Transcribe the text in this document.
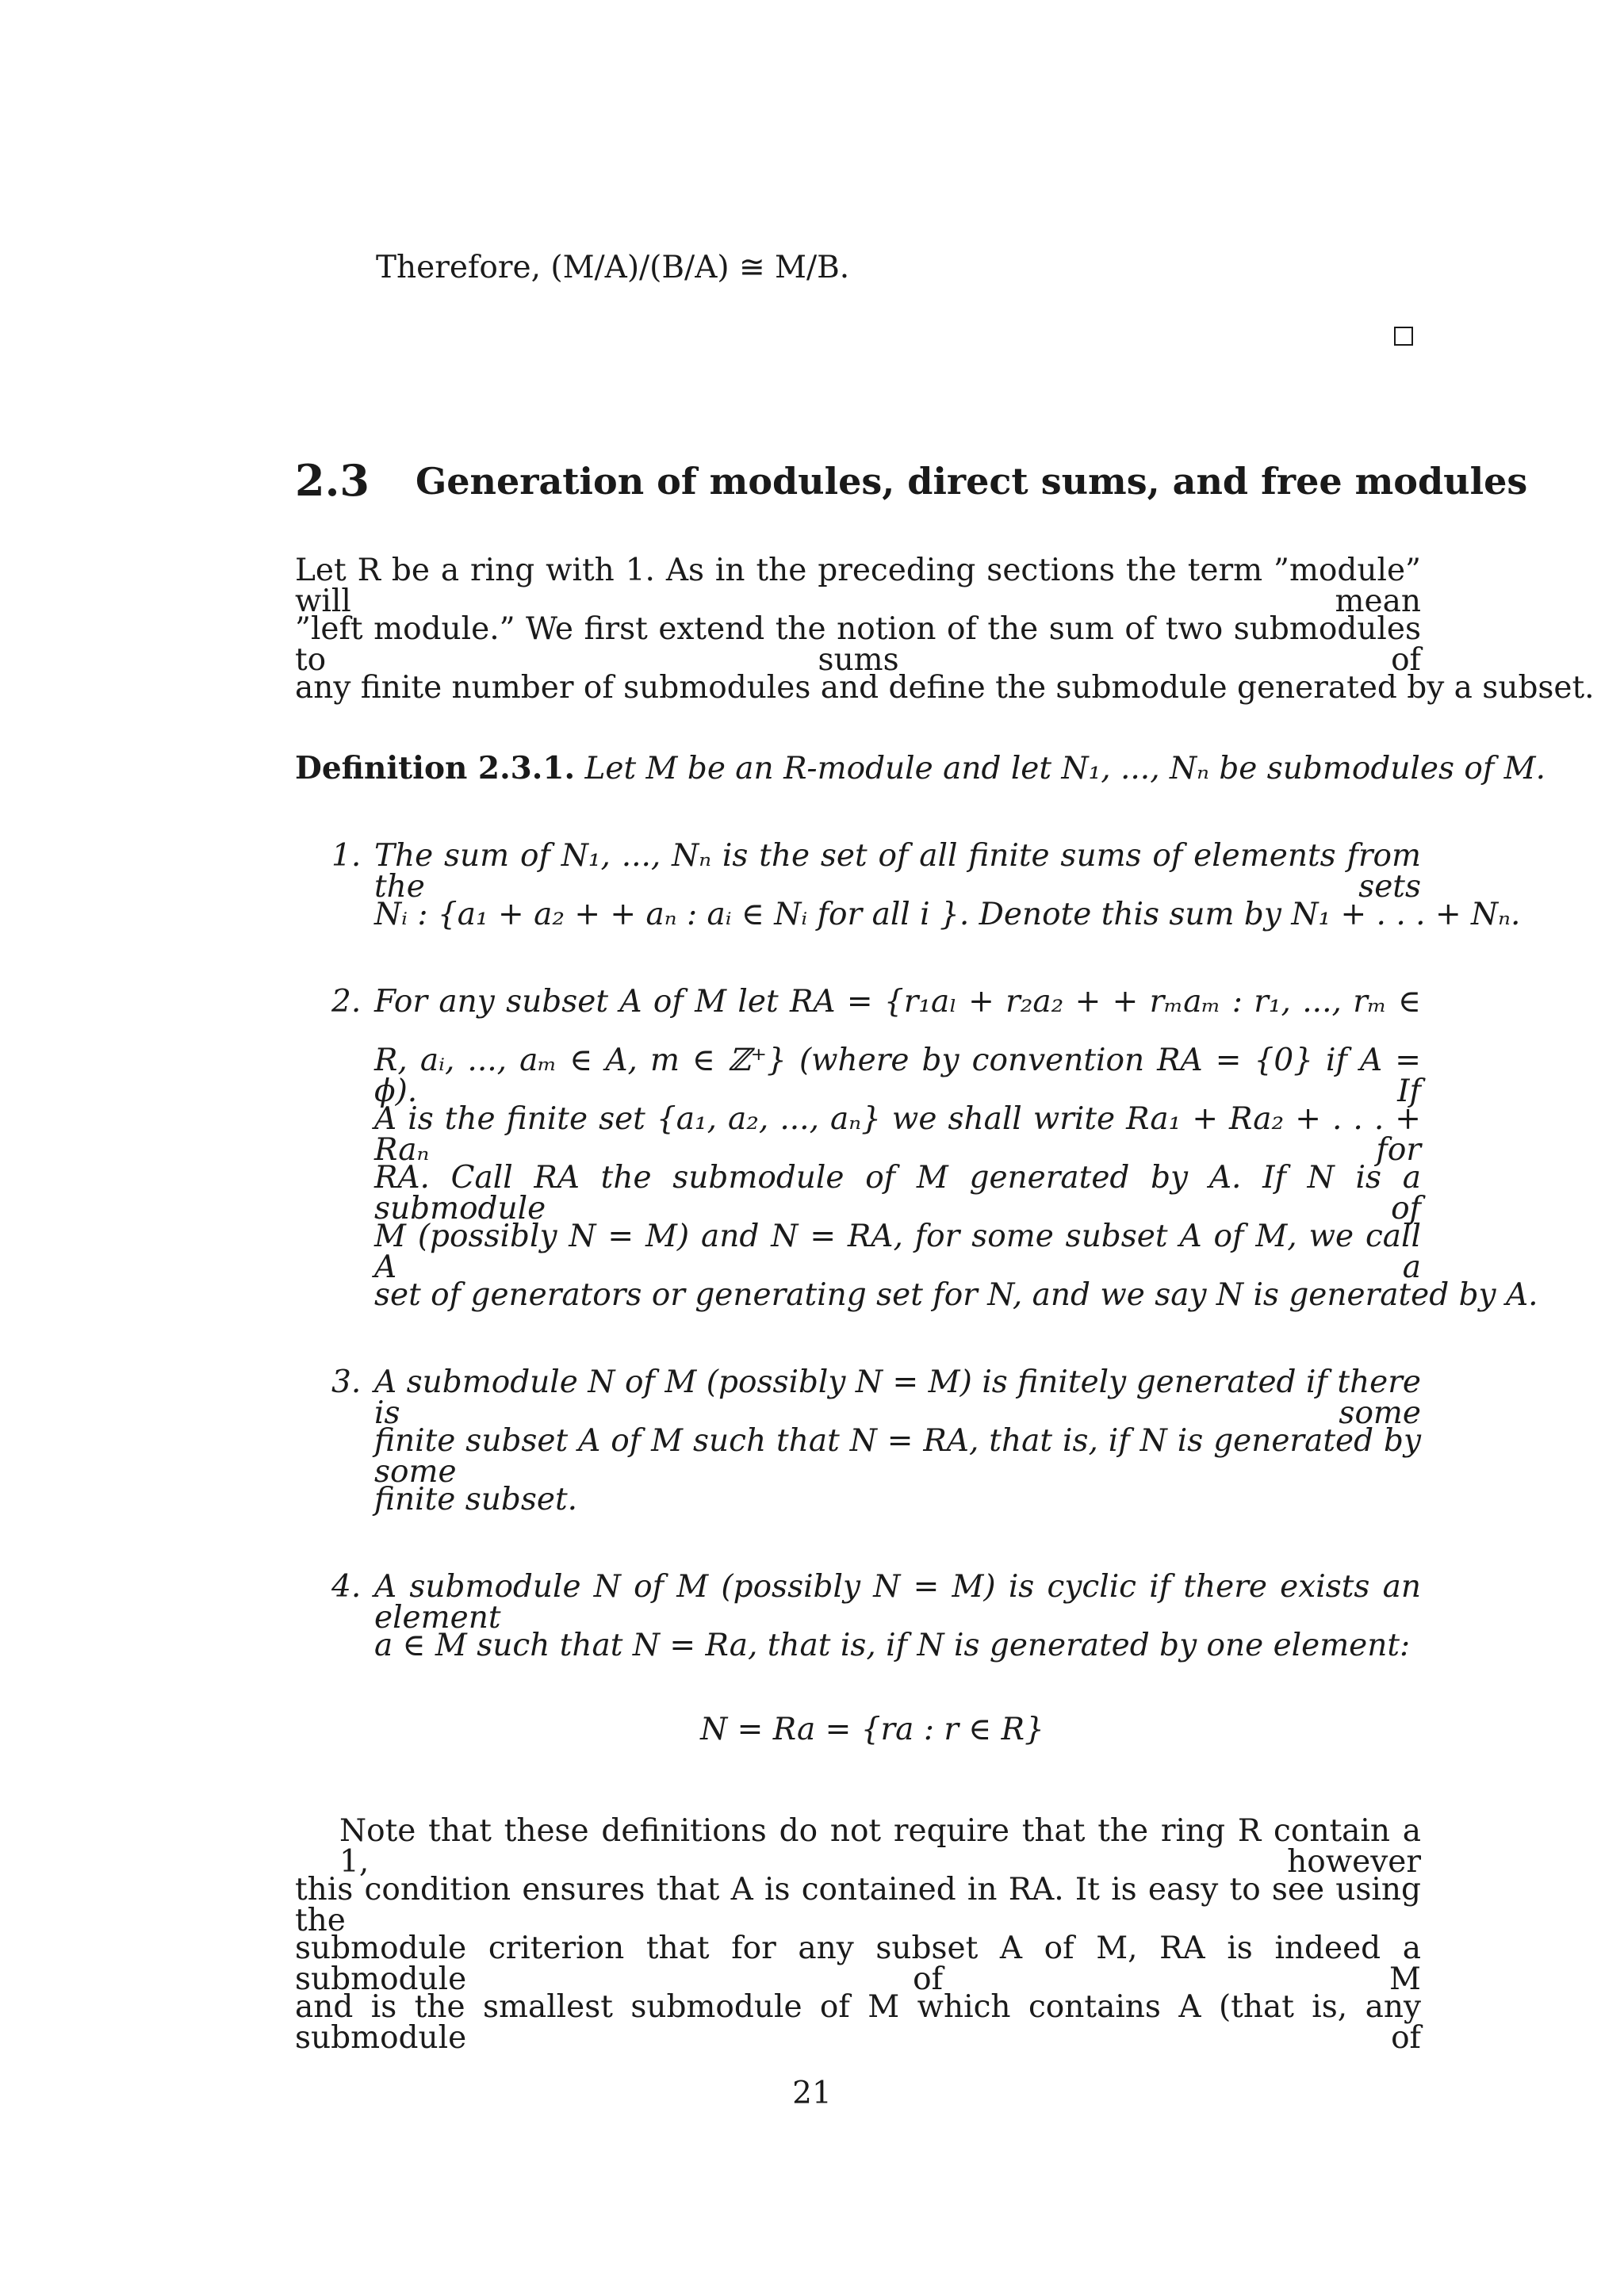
Therefore, (M/A)/(B/A) ≅ M/B.
2.3 Generation of modules, direct sums, and free modules
Let R be a ring with 1. As in the preceding sections the term ”module” will mean
”left module.” We first extend the notion of the sum of two submodules to sums of
any finite number of submodules and define the submodule generated by a subset.
Definition 2.3.1. Let M be an R-module and let N₁, ..., Nₙ be submodules of M.
1. The sum of N₁, ..., Nₙ is the set of all finite sums of elements from the sets
Nᵢ : {a₁ + a₂ + + aₙ : aᵢ ∈ Nᵢ for all i }. Denote this sum by N₁ + . . . + Nₙ.
2. For any subset A of M let RA = {r₁aₗ + r₂a₂ + + rₘaₘ : r₁, ..., rₘ ∈
R, aᵢ, ..., aₘ ∈ A, m ∈ ℤ⁺} (where by convention RA = {0} if A = ϕ). If
A is the finite set {a₁, a₂, ..., aₙ} we shall write Ra₁ + Ra₂ + . . . + Raₙ for
RA. Call RA the submodule of M generated by A. If N is a submodule of
M (possibly N = M) and N = RA, for some subset A of M, we call A a
set of generators or generating set for N, and we say N is generated by A.
3. A submodule N of M (possibly N = M) is finitely generated if there is some
finite subset A of M such that N = RA, that is, if N is generated by some
finite subset.
4. A submodule N of M (possibly N = M) is cyclic if there exists an element
a ∈ M such that N = Ra, that is, if N is generated by one element:
N = Ra = {ra : r ∈ R}
Note that these definitions do not require that the ring R contain a 1, however
this condition ensures that A is contained in RA. It is easy to see using the
submodule criterion that for any subset A of M, RA is indeed a submodule of M
and is the smallest submodule of M which contains A (that is, any submodule of
21
